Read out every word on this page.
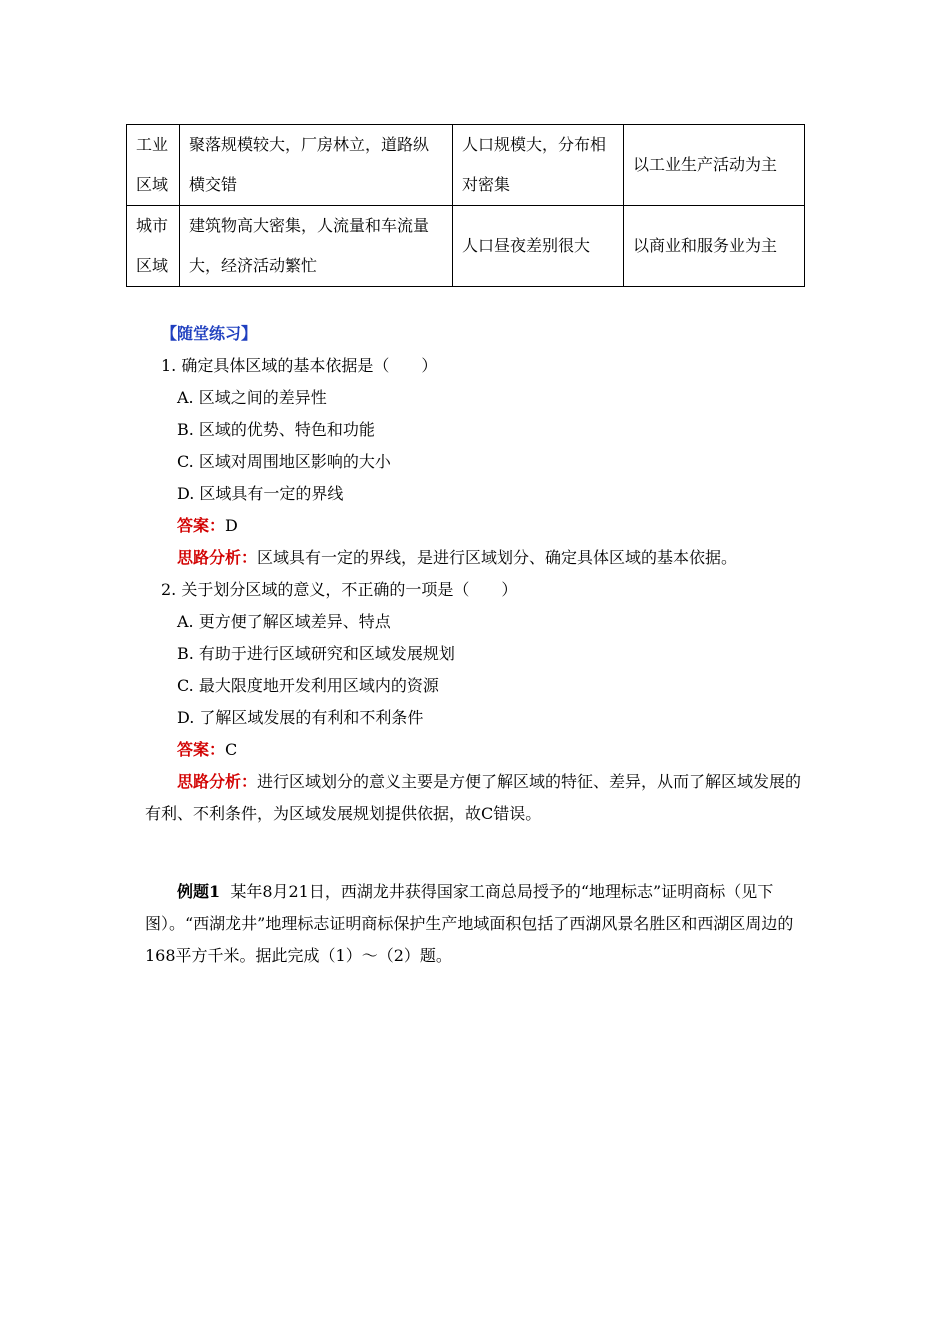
工业区域	聚落规模较大，厂房林立，道路纵横交错	人口规模大，分布相对密集	以工业生产活动为主
城市区域	建筑物高大密集，人流量和车流量大，经济活动繁忙	人口昼夜差别很大	以商业和服务业为主
【随堂练习】
1. 确定具体区域的基本依据是（　　）
A. 区域之间的差异性
B. 区域的优势、特色和功能
C. 区域对周围地区影响的大小
D. 区域具有一定的界线
答案：D
思路分析：区域具有一定的界线，是进行区域划分、确定具体区域的基本依据。
2. 关于划分区域的意义，不正确的一项是（　　）
A. 更方便了解区域差异、特点
B. 有助于进行区域研究和区域发展规划
C. 最大限度地开发利用区域内的资源
D. 了解区域发展的有利和不利条件
答案：C
思路分析：进行区域划分的意义主要是方便了解区域的特征、差异，从而了解区域发展的有利、不利条件，为区域发展规划提供依据，故C错误。
例题1 某年8月21日，西湖龙井获得国家工商总局授予的“地理标志”证明商标（见下图）。“西湖龙井”地理标志证明商标保护生产地域面积包括了西湖风景名胜区和西湖区周边的168平方千米。据此完成（1）～（2）题。
